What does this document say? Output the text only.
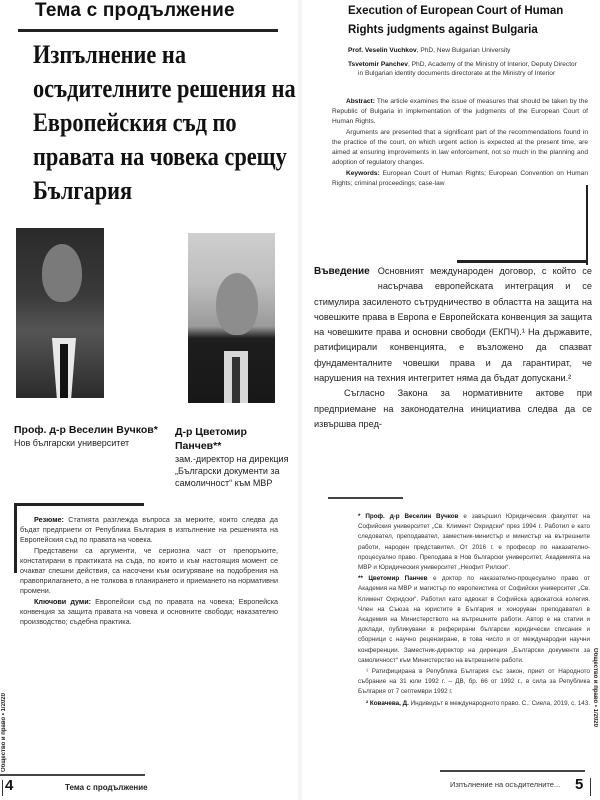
Тема с продължение
Изпълнение на осъдителните решения на Европейския съд по правата на човека срещу България
Проф. д-р Веселин Вучков*
Нов български университет
Д-р Цветомир Панчев**
зам.-директор на дирекция „Български документи за самоличност“ към МВР

Резюме: Статията разглежда въпроса за мерките, които следва да бъдат предприети от Република България в изпълнение на решенията на Европейския съд по правата на човека.

Представени са аргументи, че сериозна част от препоръките, констатирани в практиката на съда, по които и към настоящия момент се очакват спешни действия, са насочени към осигуряване на подобрения на правоприлагането, а не толкова в планирането и приемането на нормативни промени.

Ключови думи: Европейски съд по правата на човека; Европейска конвенция за защита правата на човека и основните свободи; наказателно производство; съдебна практика.

Общество и право • 1/2020
4	Тема с продължение
Execution of European Court of Human Rights judgments against Bulgaria

Prof. Veselin Vuchkov, PhD, New Bulgarian University

Tsvetomir Panchev, PhD, Academy of the Ministry of Interior, Deputy Director
in Bulgarian identity documents directorate at the Ministry of Interior

Abstract: The article examines the issue of measures that should be taken by the Republic of Bulgaria in implementation of the judgments of the European Court of Human Rights.

Arguments are presented that a significant part of the recommendations found in the practice of the court, on which urgent action is expected at the present time, are aimed at ensuring improvements in law enforcement, not so much in the planning and adoption of regulatory changes.

Keywords: European Court of Human Rights; European Convention on Human Rights; criminal proceedings; case-law

Въведение Основният международен договор, с който се насърчава европейската интеграция и се стимулира засиленото сътрудничество в областта на защита на човешките права в Европа е Европейската конвенция за защита на човешките права и основни свободи (ЕКПЧ).¹ На държавите, ратифицирали конвенцията, е възложено да спазват фундаменталните човешки права и да гарантират, че нарушения на техния интегритет няма да бъдат допускани.²

Съгласно Закона за нормативните актове при предприемане на законодателна инициатива следва да се извършва пред-

* Проф. д-р Веселин Вучков е завършил Юридическия факултет на Софийския университет „Св. Климент Охридски“ през 1994 г. Работил е като следовател, преподавател, заместник-министър и министър на вътрешните работи, народен представител. От 2016 г. е професор по наказателно-процесуално право. Преподава в Нов български университет, Академията на МВР и Юридическия университет „Неофит Рилски“.

** Цветомир Панчев е доктор по наказателно-процесуално право от Академия на МВР и магистър по европеистика от Софийски университет „Св. Климент Охридски“. Работил като адвокат в Софийска адвокатска колегия. Член на Съюза на юристите в България и хоноруван преподавател в Академия на Министерството на вътрешните работи. Автор е на статии и доклади, публикувани в реферирани български юридически списания и сборници с научно рецензиране, в това число и от международни научни конференции. Заместник-директор на дирекция „Български документи за самоличност“ към Министерство на вътрешните работи.

¹ Ратифицирана в Република България със закон, приет от Народното събрание на 31 юли 1992 г. – ДВ, бр. 66 от 1992 г., в сила за Република България от 7 септември 1992 г.

² Ковачева, Д. Индивидът в международното право. С.: Сиела, 2019, с. 143. Общество и право • 1/2020
Изпълнение на осъдителните... 5
